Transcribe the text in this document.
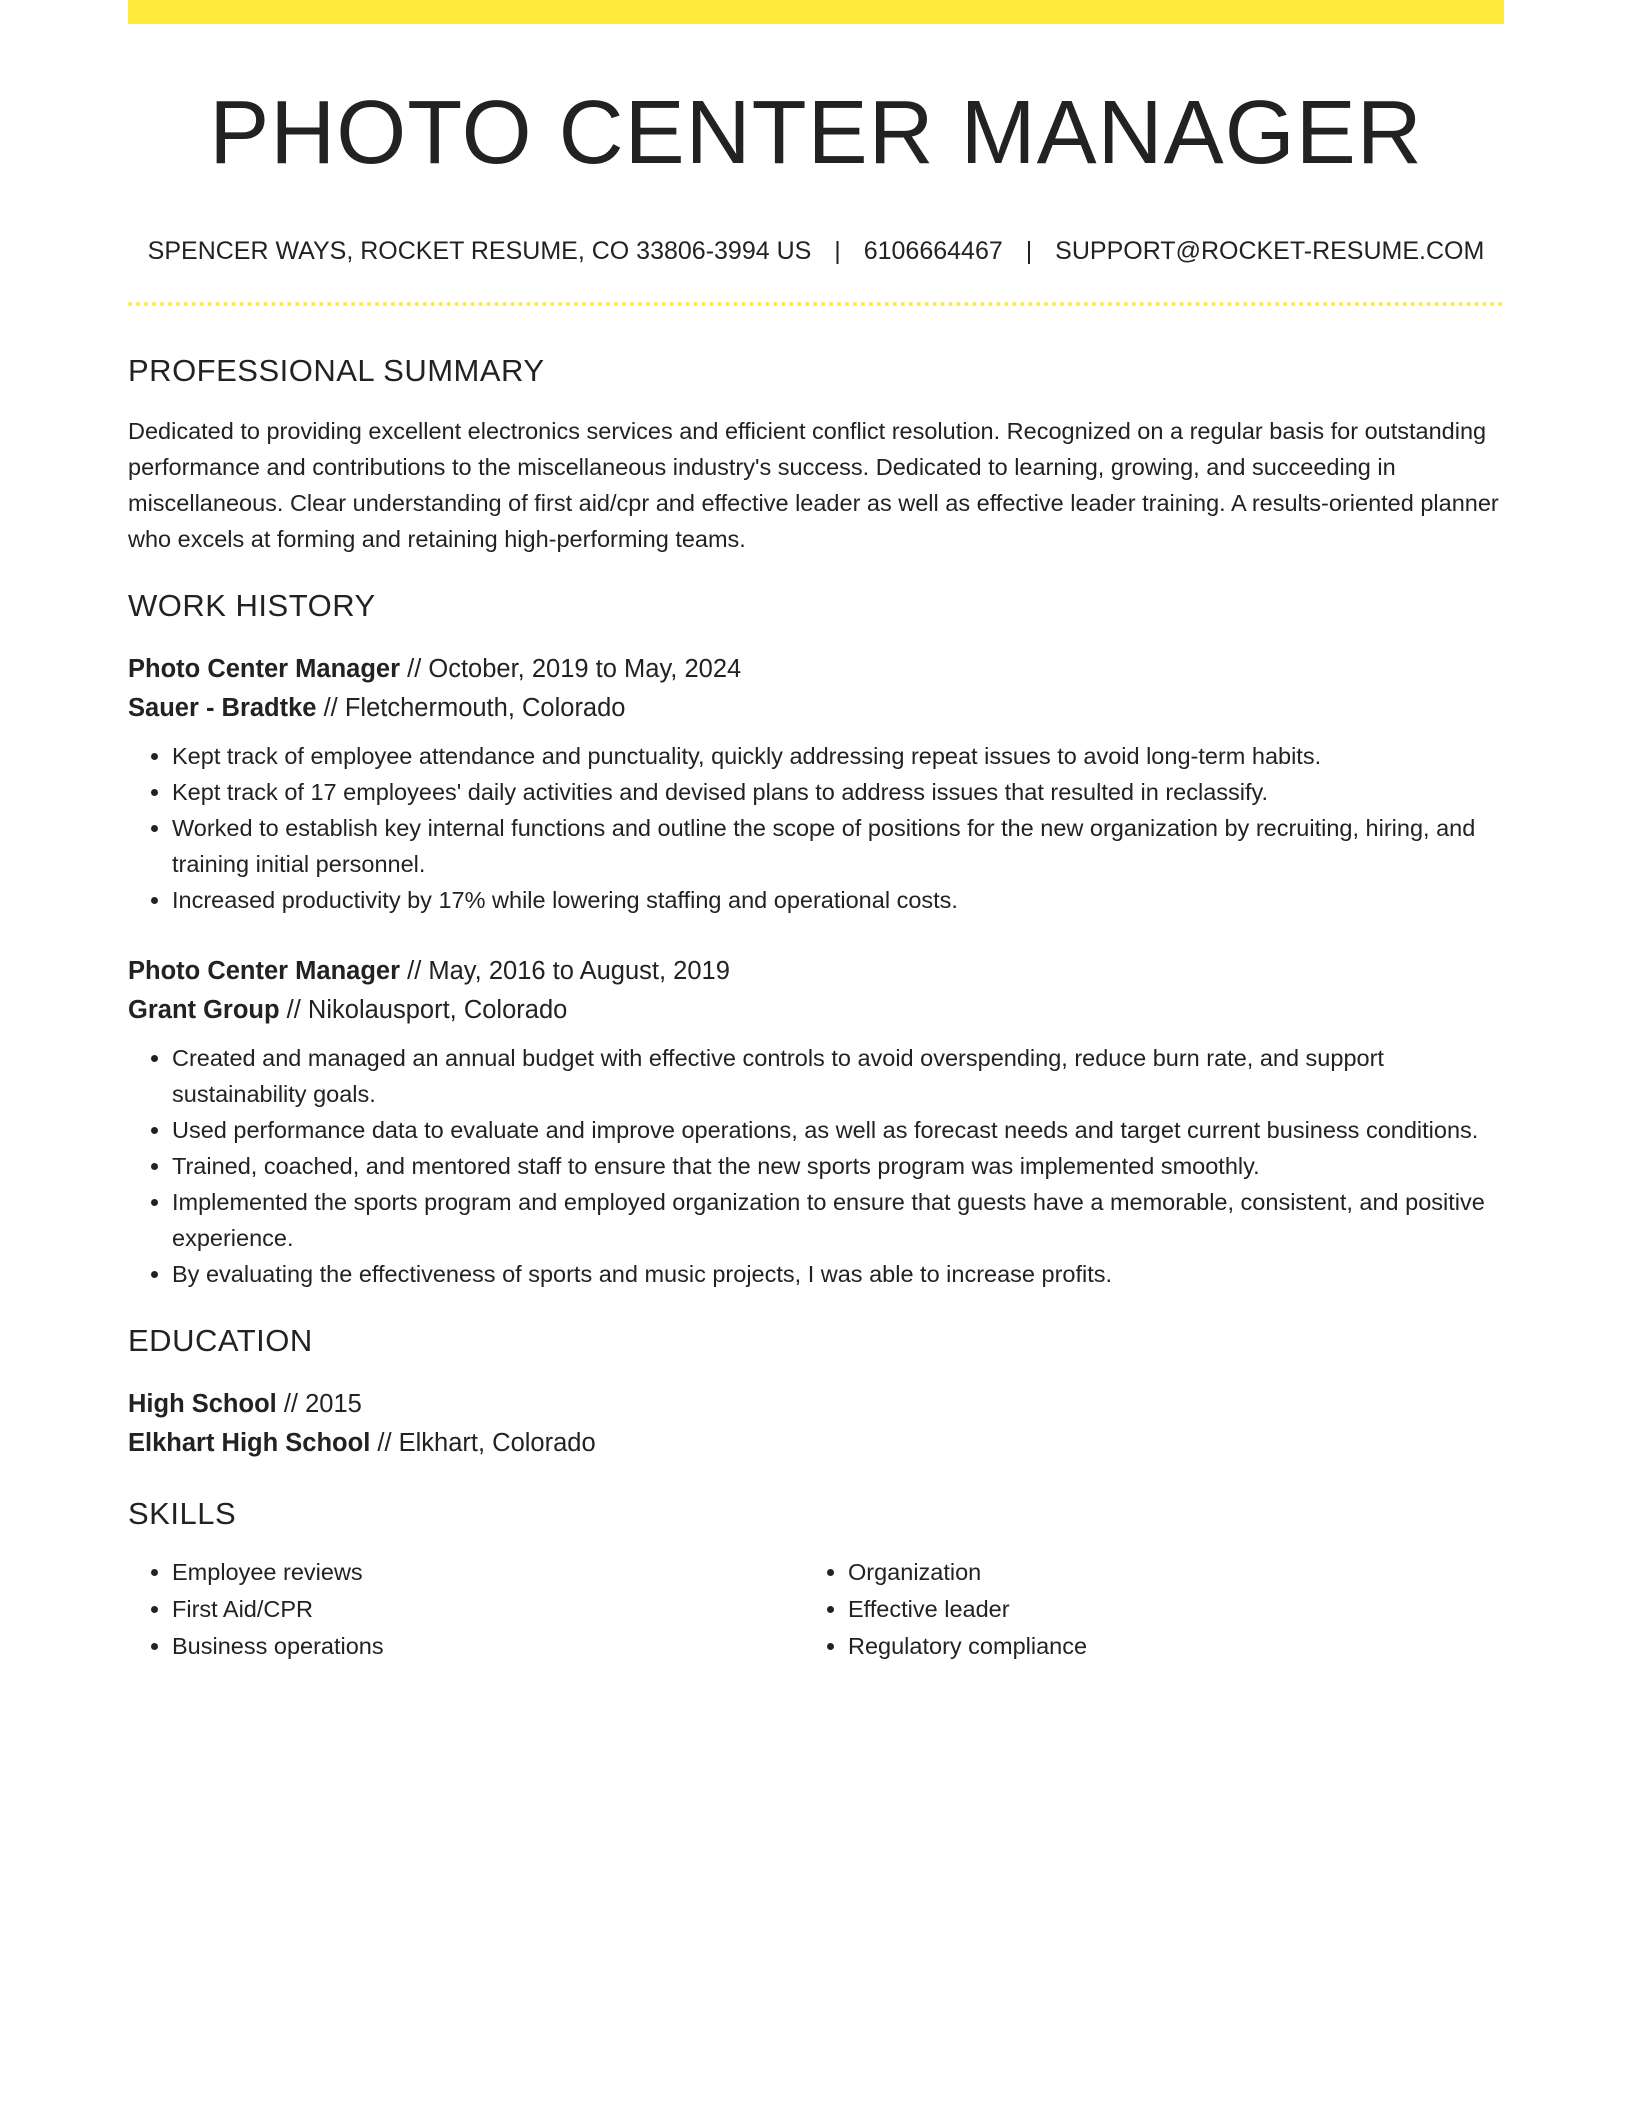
PHOTO CENTER MANAGER
SPENCER WAYS, ROCKET RESUME, CO 33806-3994 US | 6106664467 | SUPPORT@ROCKET-RESUME.COM
PROFESSIONAL SUMMARY

Dedicated to providing excellent electronics services and efficient conflict resolution. Recognized on a regular basis for outstanding performance and contributions to the miscellaneous industry's success. Dedicated to learning, growing, and succeeding in miscellaneous. Clear understanding of first aid/cpr and effective leader as well as effective leader training. A results-oriented planner who excels at forming and retaining high-performing teams.

WORK HISTORY
Photo Center Manager // October, 2019 to May, 2024
Sauer - Bradtke // Fletchermouth, Colorado
• Kept track of employee attendance and punctuality, quickly addressing repeat issues to avoid long-term habits.
• Kept track of 17 employees' daily activities and devised plans to address issues that resulted in reclassify.
• Worked to establish key internal functions and outline the scope of positions for the new organization by recruiting, hiring, and training initial personnel.
• Increased productivity by 17% while lowering staffing and operational costs.
Photo Center Manager // May, 2016 to August, 2019
Grant Group // Nikolausport, Colorado
• Created and managed an annual budget with effective controls to avoid overspending, reduce burn rate, and support sustainability goals.
• Used performance data to evaluate and improve operations, as well as forecast needs and target current business conditions.
• Trained, coached, and mentored staff to ensure that the new sports program was implemented smoothly.
• Implemented the sports program and employed organization to ensure that guests have a memorable, consistent, and positive experience.
• By evaluating the effectiveness of sports and music projects, I was able to increase profits.
EDUCATION
High School // 2015
Elkhart High School // Elkhart, Colorado
SKILLS
• Employee reviews
• First Aid/CPR
• Business operations
• Organization
• Effective leader
• Regulatory compliance
